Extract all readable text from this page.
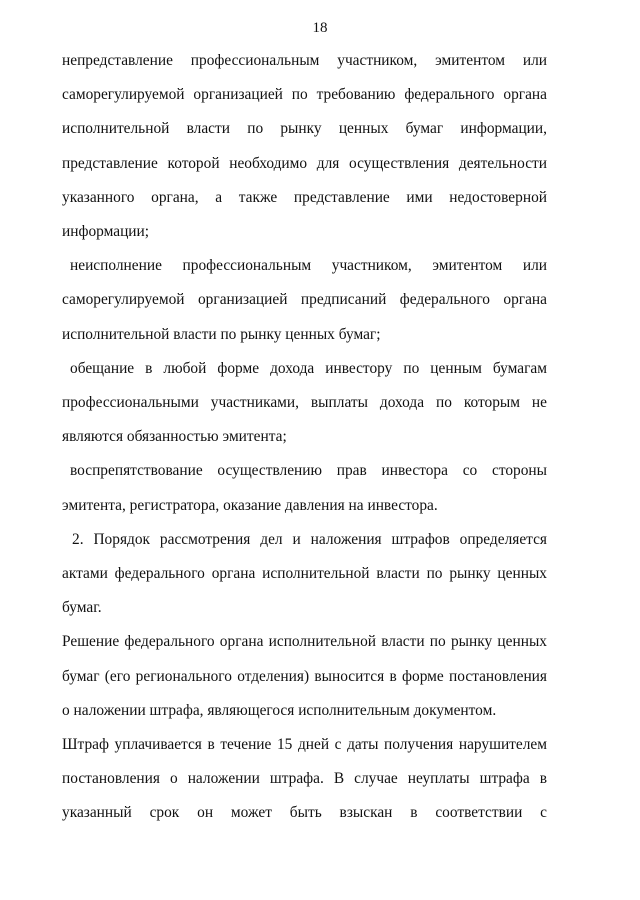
18

непредставление профессиональным участником, эмитентом или саморегулируемой организацией по требованию федерального органа исполнительной власти по рынку ценных бумаг информации, представление которой необходимо для осуществления деятельности указанного органа, а также представление ими недостоверной информации;

неисполнение профессиональным участником, эмитентом или саморегулируемой организацией предписаний федерального органа исполнительной власти по рынку ценных бумаг;

обещание в любой форме дохода инвестору по ценным бумагам профессиональными участниками, выплаты дохода по которым не являются обязанностью эмитента;

воспрепятствование осуществлению прав инвестора со стороны эмитента, регистратора, оказание давления на инвестора.

2. Порядок рассмотрения дел и наложения штрафов определяется актами федерального органа исполнительной власти по рынку ценных бумаг.

Решение федерального органа исполнительной власти по рынку ценных бумаг (его регионального отделения) выносится в форме постановления о наложении штрафа, являющегося исполнительным документом.

Штраф уплачивается в течение 15 дней с даты получения нарушителем постановления о наложении штрафа. В случае неуплаты штрафа в указанный срок он может быть взыскан в соответствии с
